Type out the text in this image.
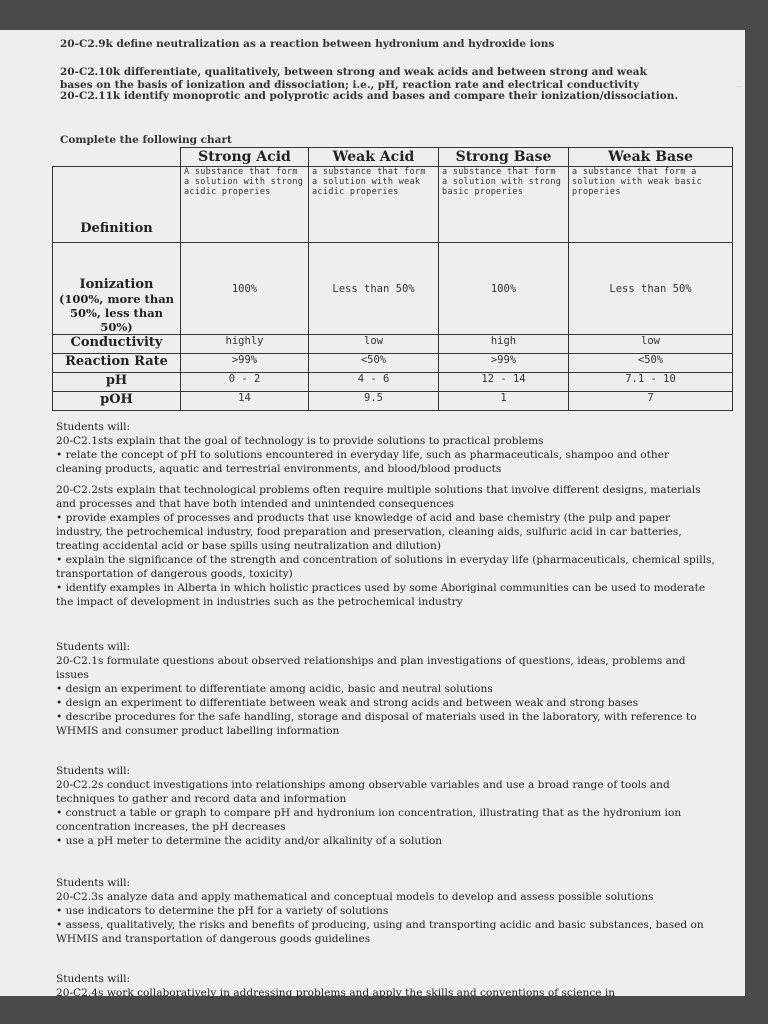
~
20-C2.9k define neutralization as a reaction between hydronium and hydroxide ions
20-C2.10k differentiate, qualitatively, between strong and weak acids and between strong and weak bases on the basis of ionization and dissociation; i.e., pH, reaction rate and electrical conductivity
20-C2.11k identify monoprotic and polyprotic acids and bases and compare their ionization/dissociation.
Complete the following chart
	Strong Acid	Weak Acid	Strong Base	Weak Base
Definition	A substance that form a solution with strong acidic properies	a substance that form a solution with weak acidic properies	a substance that form a solution with strong basic properies	a substance that form a solution with weak basic properies

Ionization
(100%, more than 50%, less than 50%)	100%	Less than 50%	100%	Less than 50%
Conductivity	highly	low	high	low
Reaction Rate	>99%	<50%	>99%	<50%
pH	0 - 2	4 - 6	12 - 14	7.1 - 10
pOH	14	9.5	1	7

Students will:

20-C2.1sts explain that the goal of technology is to provide solutions to practical problems

• relate the concept of pH to solutions encountered in everyday life, such as pharmaceuticals, shampoo and other cleaning products, aquatic and terrestrial environments, and blood/blood products

20-C2.2sts explain that technological problems often require multiple solutions that involve different designs, materials and processes and that have both intended and unintended consequences

• provide examples of processes and products that use knowledge of acid and base chemistry (the pulp and paper industry, the petrochemical industry, food preparation and preservation, cleaning aids, sulfuric acid in car batteries, treating accidental acid or base spills using neutralization and dilution)

• explain the significance of the strength and concentration of solutions in everyday life (pharmaceuticals, chemical spills, transportation of dangerous goods, toxicity)

• identify examples in Alberta in which holistic practices used by some Aboriginal communities can be used to moderate the impact of development in industries such as the petrochemical industry

Students will:

20-C2.1s formulate questions about observed relationships and plan investigations of questions, ideas, problems and issues

• design an experiment to differentiate among acidic, basic and neutral solutions

• design an experiment to differentiate between weak and strong acids and between weak and strong bases

• describe procedures for the safe handling, storage and disposal of materials used in the laboratory, with reference to WHMIS and consumer product labelling information

Students will:

20-C2.2s conduct investigations into relationships among observable variables and use a broad range of tools and techniques to gather and record data and information

• construct a table or graph to compare pH and hydronium ion concentration, illustrating that as the hydronium ion concentration increases, the pH decreases

• use a pH meter to determine the acidity and/or alkalinity of a solution

Students will:

20-C2.3s analyze data and apply mathematical and conceptual models to develop and assess possible solutions

• use indicators to determine the pH for a variety of solutions

• assess, qualitatively, the risks and benefits of producing, using and transporting acidic and basic substances, based on WHMIS and transportation of dangerous goods guidelines

Students will:

20-C2.4s work collaboratively in addressing problems and apply the skills and conventions of science in
